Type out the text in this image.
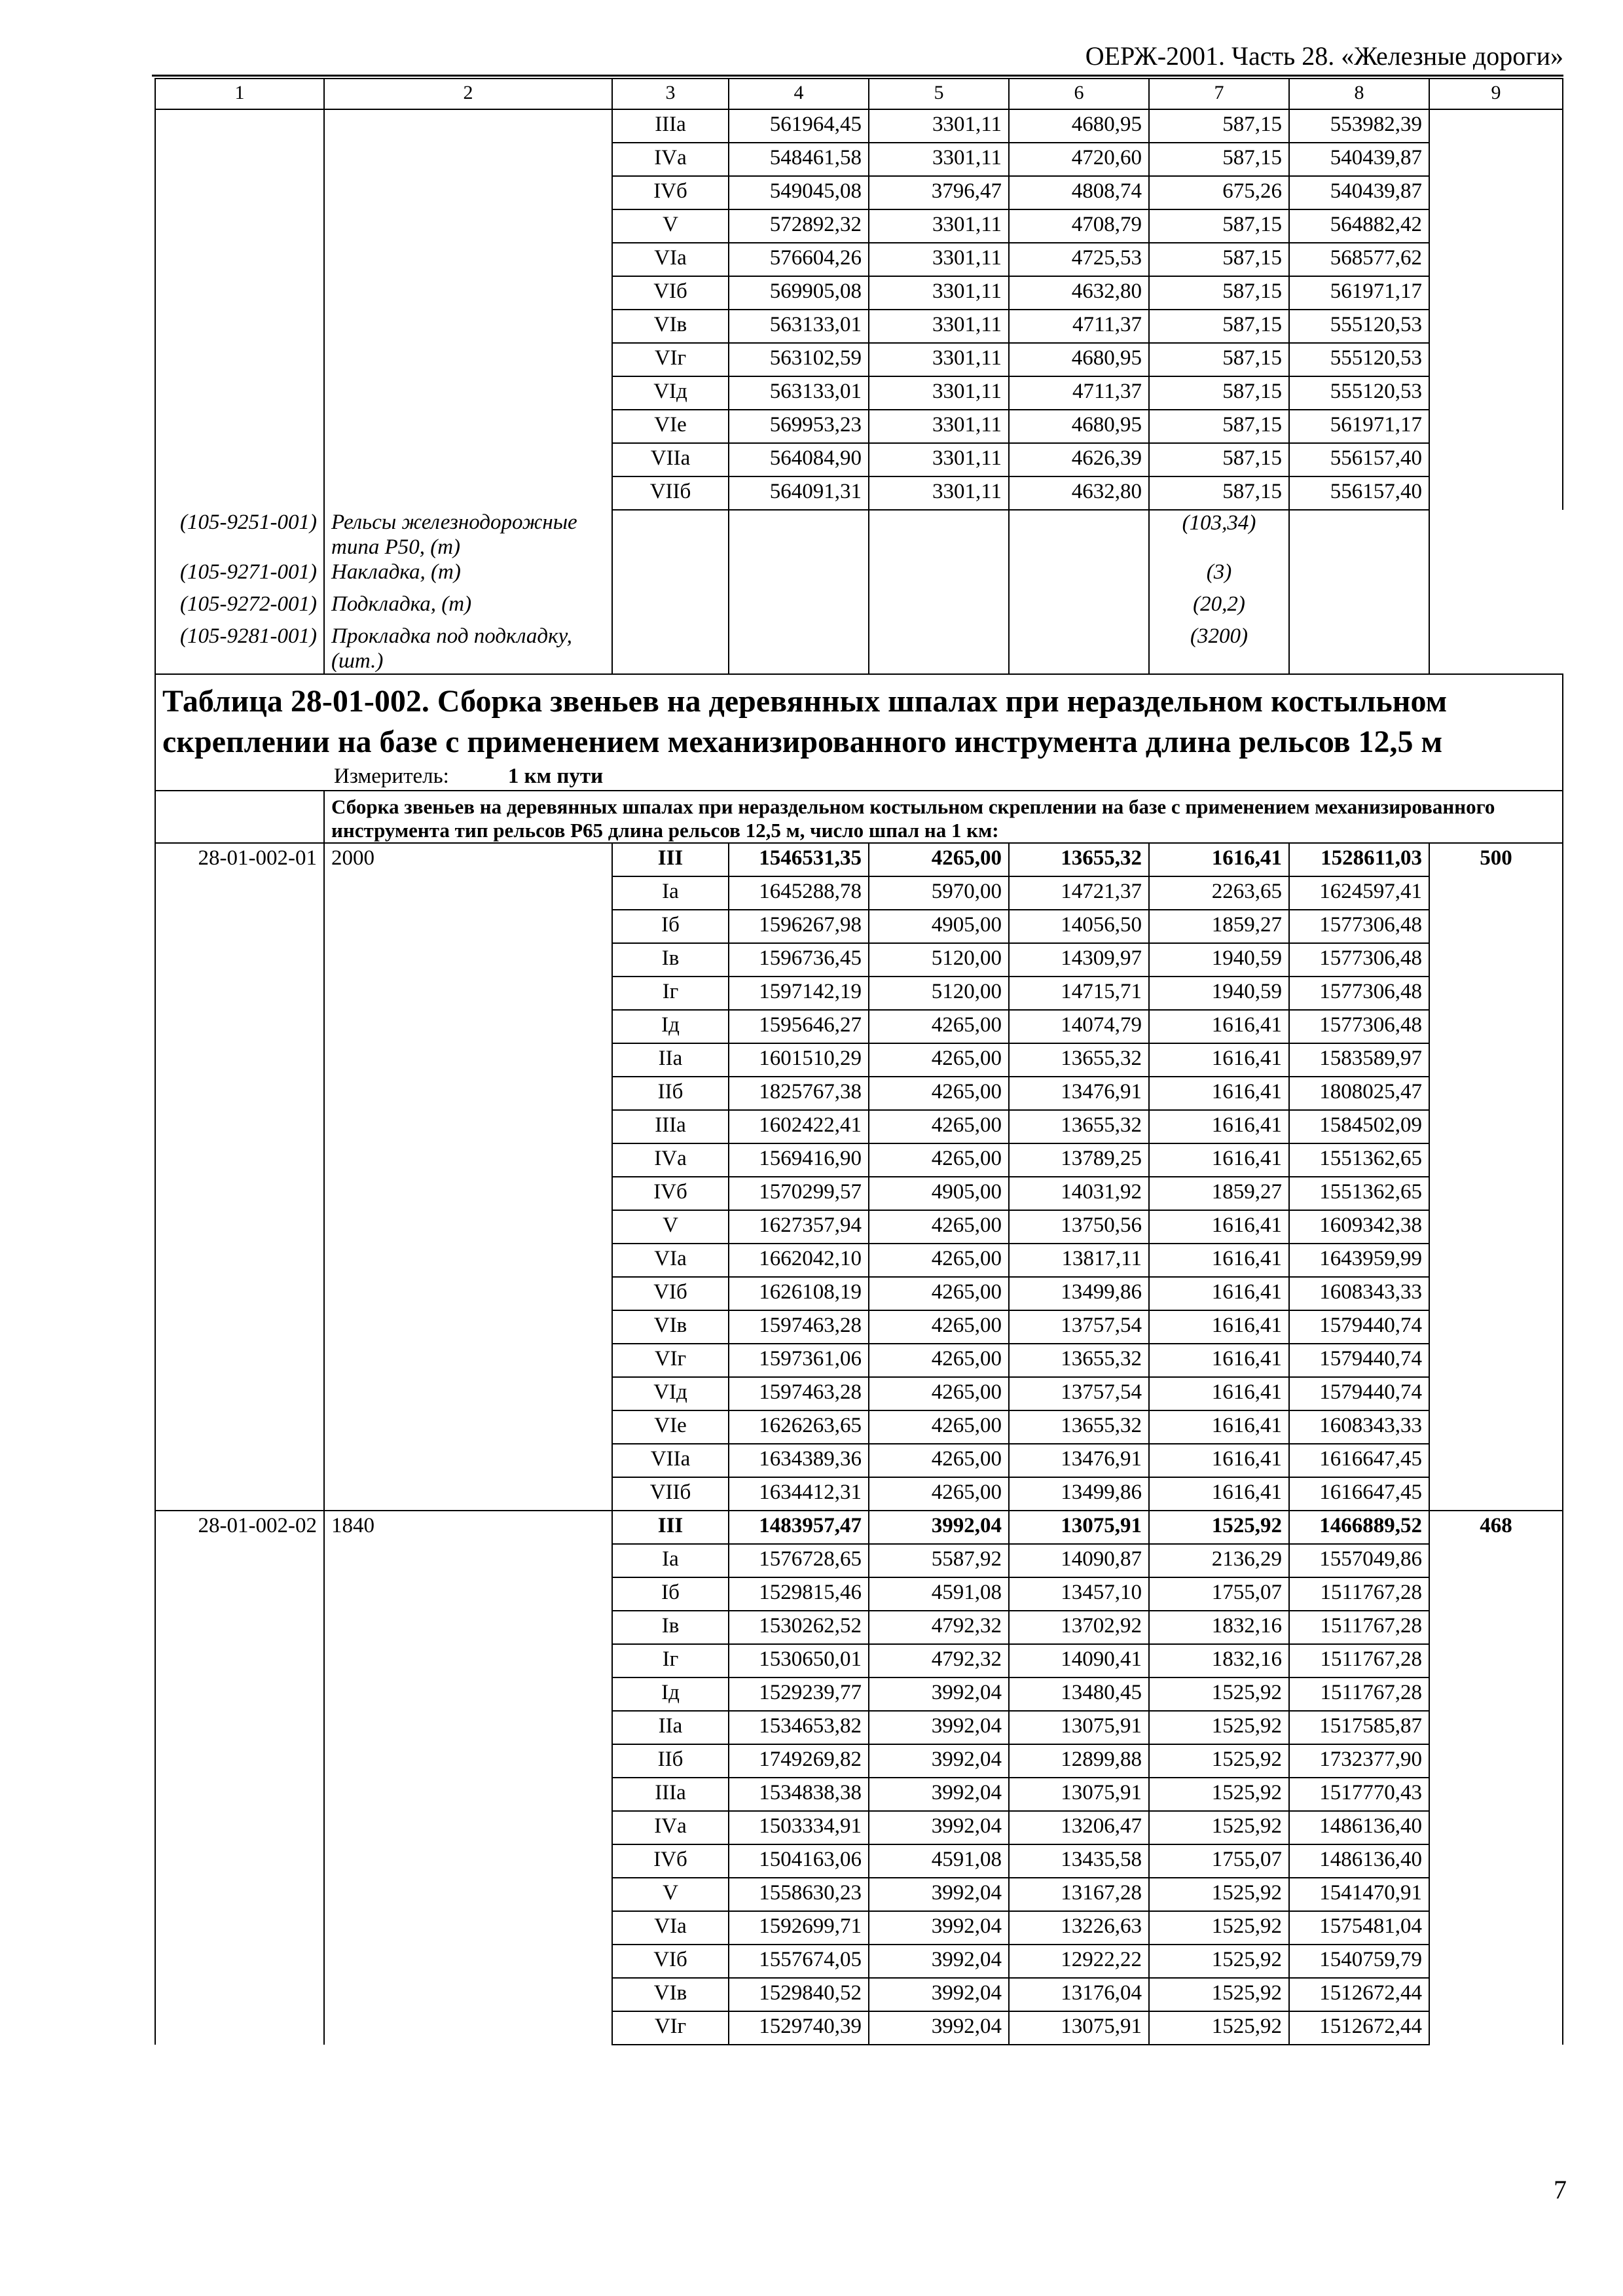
ОЕРЖ-2001. Часть 28. «Железные дороги»
1	2	3	4	5	6	7	8	9
		IIIа	561964,45	3301,11	4680,95	587,15	553982,39	
		IVа	548461,58	3301,11	4720,60	587,15	540439,87	
		IVб	549045,08	3796,47	4808,74	675,26	540439,87	
		V	572892,32	3301,11	4708,79	587,15	564882,42	
		VIа	576604,26	3301,11	4725,53	587,15	568577,62	
		VIб	569905,08	3301,11	4632,80	587,15	561971,17	
		VIв	563133,01	3301,11	4711,37	587,15	555120,53	
		VIг	563102,59	3301,11	4680,95	587,15	555120,53	
		VIд	563133,01	3301,11	4711,37	587,15	555120,53	
		VIе	569953,23	3301,11	4680,95	587,15	561971,17	
		VIIа	564084,90	3301,11	4626,39	587,15	556157,40	
		VIIб	564091,31	3301,11	4632,80	587,15	556157,40	
(105-9251-001)	Рельсы железнодорожные типа Р50, (т)					(103,34)		
(105-9271-001)	Накладка, (т)					(3)		
(105-9272-001)	Подкладка, (т)					(20,2)		
(105-9281-001)	Прокладка под подкладку, (шт.)					(3200)		

Таблица 28-01-002. Сборка звеньев на деревянных шпалах при нераздельном костыльном скреплении на базе с применением механизированного инструмента длина рельсов 12,5 м
Измеритель: 1 км пути								

	Сборка звеньев на деревянных шпалах при нераздельном костыльном скреплении на базе с применением механизированного инструмента тип рельсов Р65 длина рельсов 12,5 м, число шпал на 1 км:							
28-01-002-01	2000	III	1546531,35	4265,00	13655,32	1616,41	1528611,03	500
		Iа	1645288,78	5970,00	14721,37	2263,65	1624597,41	
		Iб	1596267,98	4905,00	14056,50	1859,27	1577306,48	
		Iв	1596736,45	5120,00	14309,97	1940,59	1577306,48	
		Iг	1597142,19	5120,00	14715,71	1940,59	1577306,48	
		Iд	1595646,27	4265,00	14074,79	1616,41	1577306,48	
		IIа	1601510,29	4265,00	13655,32	1616,41	1583589,97	
		IIб	1825767,38	4265,00	13476,91	1616,41	1808025,47	
		IIIа	1602422,41	4265,00	13655,32	1616,41	1584502,09	
		IVа	1569416,90	4265,00	13789,25	1616,41	1551362,65	
		IVб	1570299,57	4905,00	14031,92	1859,27	1551362,65	
		V	1627357,94	4265,00	13750,56	1616,41	1609342,38	
		VIа	1662042,10	4265,00	13817,11	1616,41	1643959,99	
		VIб	1626108,19	4265,00	13499,86	1616,41	1608343,33	
		VIв	1597463,28	4265,00	13757,54	1616,41	1579440,74	
		VIг	1597361,06	4265,00	13655,32	1616,41	1579440,74	
		VIд	1597463,28	4265,00	13757,54	1616,41	1579440,74	
		VIе	1626263,65	4265,00	13655,32	1616,41	1608343,33	
		VIIа	1634389,36	4265,00	13476,91	1616,41	1616647,45	
		VIIб	1634412,31	4265,00	13499,86	1616,41	1616647,45	
28-01-002-02	1840	III	1483957,47	3992,04	13075,91	1525,92	1466889,52	468
		Iа	1576728,65	5587,92	14090,87	2136,29	1557049,86	
		Iб	1529815,46	4591,08	13457,10	1755,07	1511767,28	
		Iв	1530262,52	4792,32	13702,92	1832,16	1511767,28	
		Iг	1530650,01	4792,32	14090,41	1832,16	1511767,28	
		Iд	1529239,77	3992,04	13480,45	1525,92	1511767,28	
		IIа	1534653,82	3992,04	13075,91	1525,92	1517585,87	
		IIб	1749269,82	3992,04	12899,88	1525,92	1732377,90	
		IIIа	1534838,38	3992,04	13075,91	1525,92	1517770,43	
		IVа	1503334,91	3992,04	13206,47	1525,92	1486136,40	
		IVб	1504163,06	4591,08	13435,58	1755,07	1486136,40	
		V	1558630,23	3992,04	13167,28	1525,92	1541470,91	
		VIа	1592699,71	3992,04	13226,63	1525,92	1575481,04	
		VIб	1557674,05	3992,04	12922,22	1525,92	1540759,79	
		VIв	1529840,52	3992,04	13176,04	1525,92	1512672,44	
		VIг	1529740,39	3992,04	13075,91	1525,92	1512672,44	
7
